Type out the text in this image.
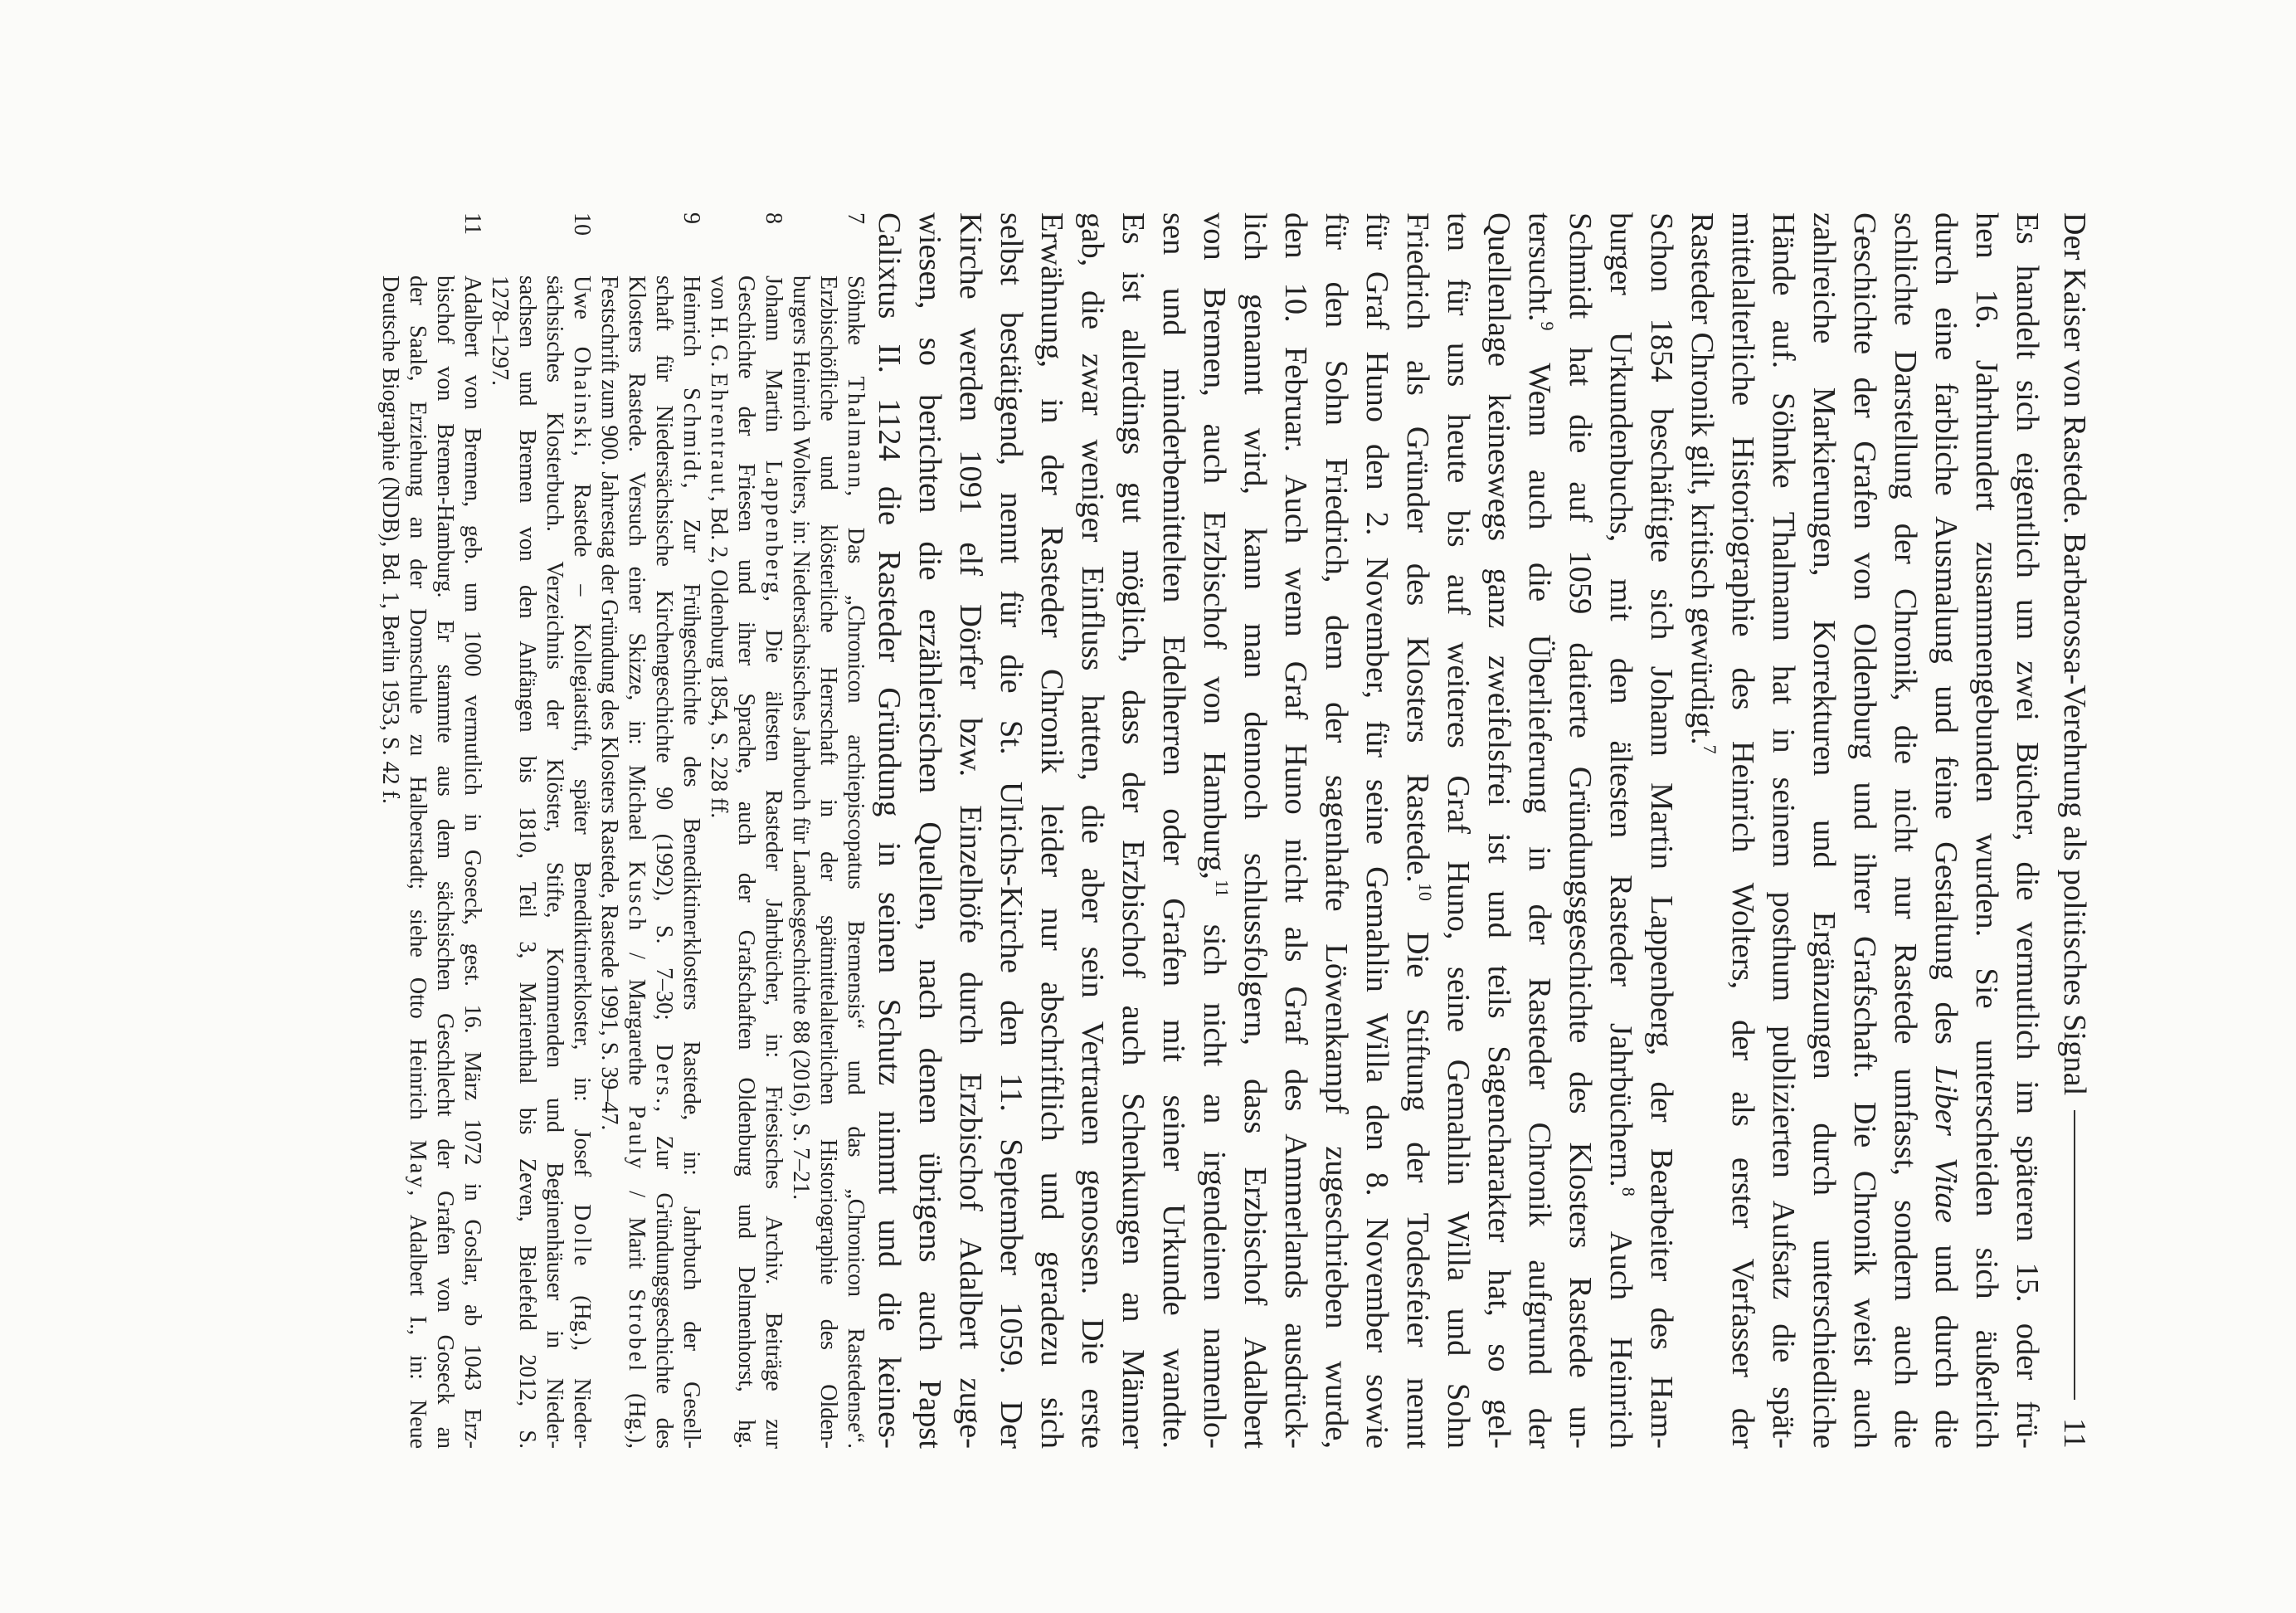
Der Kaiser von Rastede. Barbarossa-Verehrung als politisches Signal
11
Es handelt sich eigentlich um zwei Bücher, die vermutlich im späteren 15. oder frü-
hen 16. Jahrhundert zusammengebunden wurden. Sie unterscheiden sich äußerlich
durch eine farbliche Ausmalung und feine Gestaltung des Liber Vitae und durch die
schlichte Darstellung der Chronik, die nicht nur Rastede umfasst, sondern auch die
Geschichte der Grafen von Oldenburg und ihrer Grafschaft. Die Chronik weist auch
zahlreiche Markierungen, Korrekturen und Ergänzungen durch unterschiedliche
Hände auf. Söhnke Thalmann hat in seinem posthum publizierten Aufsatz die spät-
mittelalterliche Historiographie des Heinrich Wolters, der als erster Verfasser der
Rasteder Chronik gilt, kritisch gewürdigt.$^7$
Schon 1854 beschäftigte sich Johann Martin Lappenberg, der Bearbeiter des Ham-
burger Urkundenbuchs, mit den ältesten Rasteder Jahrbüchern.$^8$ Auch Heinrich
Schmidt hat die auf 1059 datierte Gründungsgeschichte des Klosters Rastede un-
tersucht.$^9$ Wenn auch die Überlieferung in der Rasteder Chronik aufgrund der
Quellenlage keineswegs ganz zweifelsfrei ist und teils Sagencharakter hat, so gel-
ten für uns heute bis auf weiteres Graf Huno, seine Gemahlin Willa und Sohn
Friedrich als Gründer des Klosters Rastede.$^{10}$ Die Stiftung der Todesfeier nennt
für Graf Huno den 2. November, für seine Gemahlin Willa den 8. November sowie
für den Sohn Friedrich, dem der sagenhafte Löwenkampf zugeschrieben wurde,
den 10. Februar. Auch wenn Graf Huno nicht als Graf des Ammerlands ausdrück-
lich genannt wird, kann man dennoch schlussfolgern, dass Erzbischof Adalbert
von Bremen, auch Erzbischof von Hamburg,$^{11}$ sich nicht an irgendeinen namenlo-
sen und minderbemittelten Edelherren oder Grafen mit seiner Urkunde wandte.
Es ist allerdings gut möglich, dass der Erzbischof auch Schenkungen an Männer
gab, die zwar weniger Einfluss hatten, die aber sein Vertrauen genossen. Die erste
Erwähnung, in der Rasteder Chronik leider nur abschriftlich und geradezu sich
selbst bestätigend, nennt für die St. Ulrichs-Kirche den 11. September 1059. Der
Kirche werden 1091 elf Dörfer bzw. Einzelhöfe durch Erzbischof Adalbert zuge-
wiesen, so berichten die erzählerischen Quellen, nach denen übrigens auch Papst
Calixtus II. 1124 die Rasteder Gründung in seinen Schutz nimmt und die keines-
7
Söhnke Thalmann, Das „Chronicon archiepiscopatus Bremensis“ und das „Chronicon Rastedense“.
Erzbischöfliche und klösterliche Herrschaft in der spätmittelalterlichen Historiographie des Olden-
burgers Heinrich Wolters, in: Niedersächsisches Jahrbuch für Landesgeschichte 88 (2016), S. 7–21.
8
Johann Martin Lappenberg, Die ältesten Rasteder Jahrbücher, in: Friesisches Archiv. Beiträge zur
Geschichte der Friesen und ihrer Sprache, auch der Grafschaften Oldenburg und Delmenhorst, hg.
von H. G. Ehrentraut, Bd. 2, Oldenburg 1854, S. 228 ff.
9
Heinrich Schmidt, Zur Frühgeschichte des Benediktinerklosters Rastede, in: Jahrbuch der Gesell-
schaft für Niedersächsische Kirchengeschichte 90 (1992), S. 7–30; Ders., Zur Gründungsgeschichte des
Klosters Rastede. Versuch einer Skizze, in: Michael Kusch / Margarethe Pauly / Marit Strobel (Hg.),
Festschrift zum 900. Jahrestag der Gründung des Klosters Rastede, Rastede 1991, S. 39–47.
10
Uwe Ohainski, Rastede – Kollegiatstift, später Benediktinerkloster, in: Josef Dolle (Hg.), Nieder-
sächsisches Klosterbuch. Verzeichnis der Klöster, Stifte, Kommenden und Beginenhäuser in Nieder-
sachsen und Bremen von den Anfängen bis 1810, Teil 3, Marienthal bis Zeven, Bielefeld 2012, S.
1278–1297.
11
Adalbert von Bremen, geb. um 1000 vermutlich in Goseck, gest. 16. März 1072 in Goslar, ab 1043 Erz-
bischof von Bremen-Hamburg. Er stammte aus dem sächsischen Geschlecht der Grafen von Goseck an
der Saale, Erziehung an der Domschule zu Halberstadt; siehe Otto Heinrich May, Adalbert I., in: Neue
Deutsche Biographie (NDB), Bd. 1, Berlin 1953, S. 42 f.
